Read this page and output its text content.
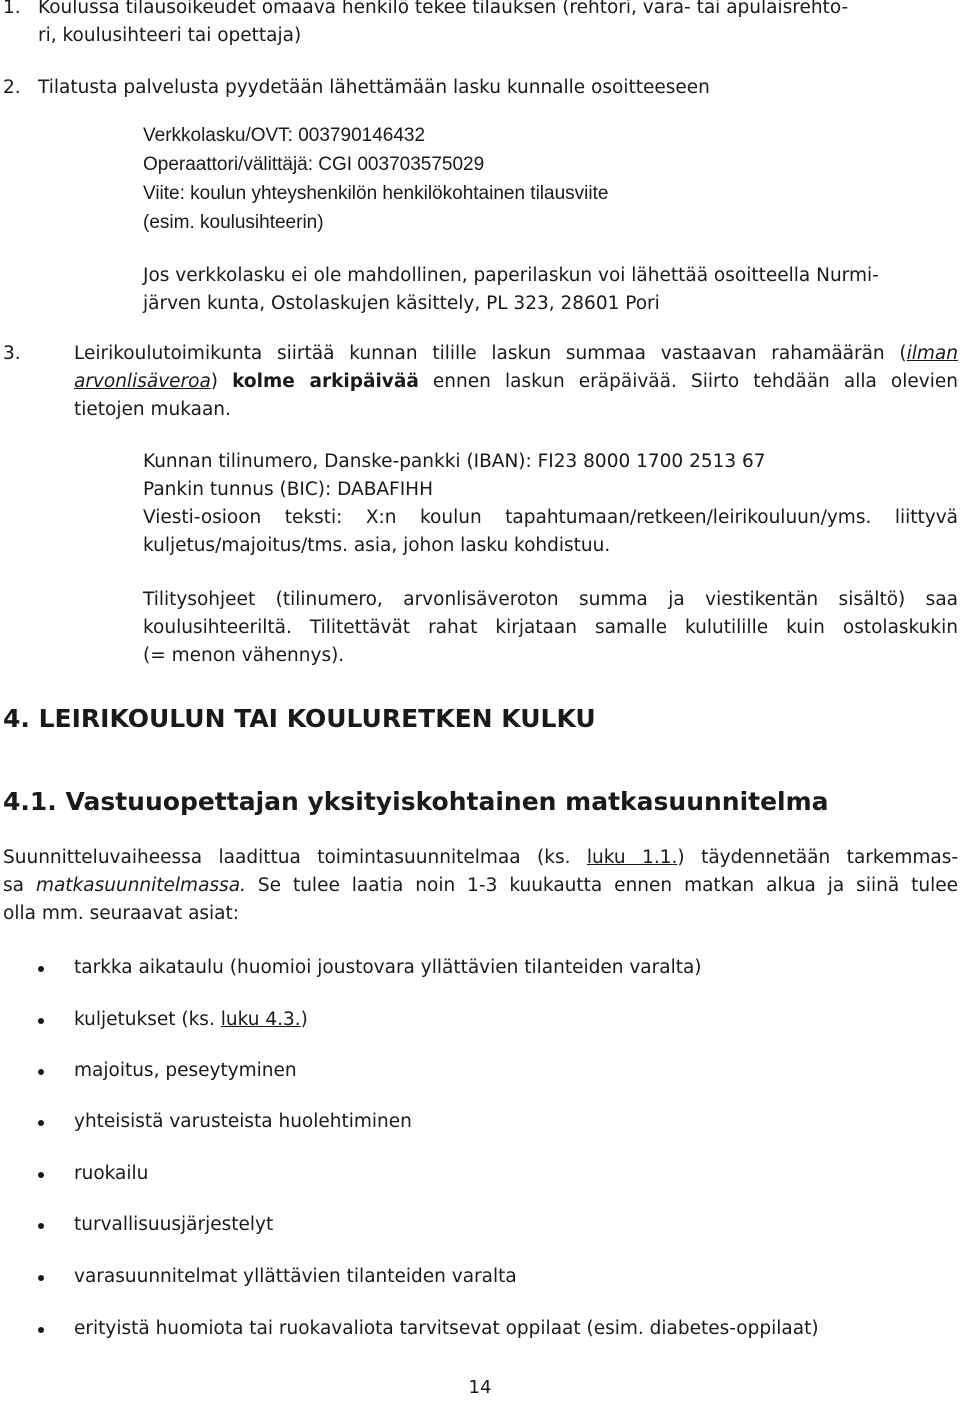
1. Koulussa tilausoikeudet omaava henkilö tekee tilauksen (rehtori, vara- tai apulaisrehto-
ri, koulusihteeri tai opettaja)
2. Tilatusta palvelusta pyydetään lähettämään lasku kunnalle osoitteeseen
Verkkolasku/OVT: 003790146432
Operaattori/välittäjä: CGI 003703575029
Viite: koulun yhteyshenkilön henkilökohtainen tilausviite
(esim. koulusihteerin)
Jos verkkolasku ei ole mahdollinen, paperilaskun voi lähettää osoitteella Nurmi-
järven kunta, Ostolaskujen käsittely, PL 323, 28601 Pori
3.	Leirikoulutoimikunta siirtää kunnan tilille laskun summaa vastaavan rahamäärän (ilman
arvonlisäveroa) kolme arkipäivää ennen laskun eräpäivää. Siirto tehdään alla olevien
tietojen mukaan.
Kunnan tilinumero, Danske-pankki (IBAN): FI23 8000 1700 2513 67
Pankin tunnus (BIC): DABAFIHH
Viesti-osioon teksti: X:n koulun tapahtumaan/retkeen/leirikouluun/yms. liittyvä
kuljetus/majoitus/tms. asia, johon lasku kohdistuu.
Tilitysohjeet (tilinumero, arvonlisäveroton summa ja viestikentän sisältö) saa
koulusihteeriltä. Tilitettävät rahat kirjataan samalle kulutilille kuin ostolaskukin
(= menon vähennys).
4. LEIRIKOULUN TAI KOULURETKEN KULKU
4.1. Vastuuopettajan yksityiskohtainen matkasuunnitelma
Suunnitteluvaiheessa laadittua toimintasuunnitelmaa (ks. luku 1.1.) täydennetään tarkemmas-
sa matkasuunnitelmassa. Se tulee laatia noin 1-3 kuukautta ennen matkan alkua ja siinä tulee
olla mm. seuraavat asiat:
tarkka aikataulu (huomioi joustovara yllättävien tilanteiden varalta)
kuljetukset (ks. luku 4.3.)
majoitus, peseytyminen
yhteisistä varusteista huolehtiminen
ruokailu
turvallisuusjärjestelyt
varasuunnitelmat yllättävien tilanteiden varalta
erityistä huomiota tai ruokavaliota tarvitsevat oppilaat (esim. diabetes-oppilaat)
14
